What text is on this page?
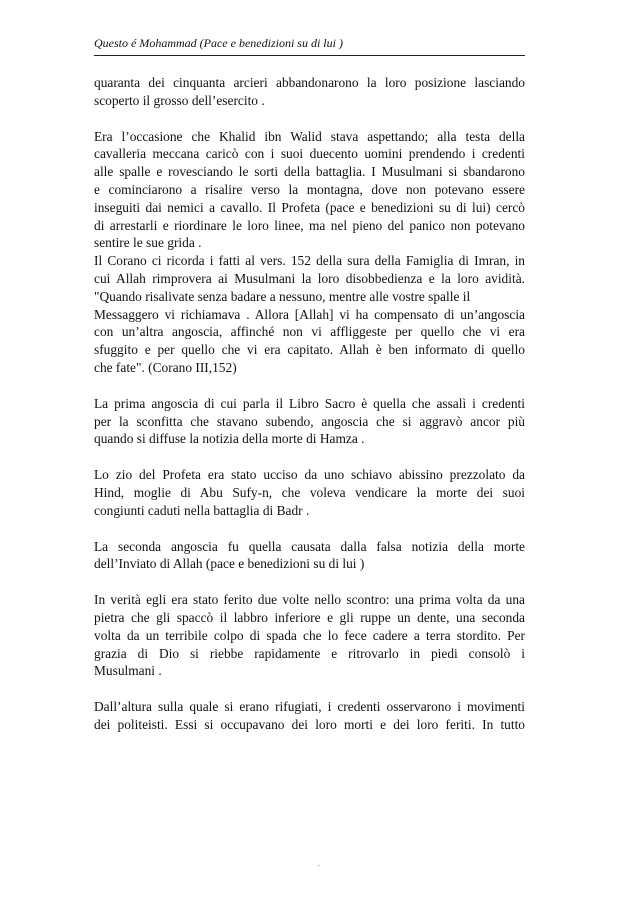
Questo é Mohammad (Pace e benedizioni su di lui )
quaranta dei cinquanta arcieri abbandonarono la loro posizione lasciando
scoperto il grosso dell’esercito .
Era l’occasione che Khalid ibn Walid stava aspettando; alla testa della
cavalleria meccana caricò con i suoi duecento uomini prendendo i credenti
alle spalle e rovesciando le sorti della battaglia. I Musulmani si sbandarono
e cominciarono a risalire verso la montagna, dove non potevano essere
inseguiti dai nemici a cavallo. Il Profeta (pace e benedizioni su di lui) cercò
di arrestarli e riordinare le loro linee, ma nel pieno del panico non potevano
sentire le sue grida .
Il Corano ci ricorda i fatti al vers. 152 della sura della Famiglia di Imran, in
cui Allah rimprovera ai Musulmani la loro disobbedienza e la loro avidità.
"Quando risalivate senza badare a nessuno, mentre alle vostre spalle il
Messaggero vi richiamava . Allora [Allah] vi ha compensato di un’angoscia
con un’altra angoscia, affinché non vi affliggeste per quello che vi era
sfuggito e per quello che vi era capitato. Allah è ben informato di quello
che fate". (Corano III,152)
La prima angoscia di cui parla il Libro Sacro è quella che assalì i credenti
per la sconfitta che stavano subendo, angoscia che si aggravò ancor più
quando si diffuse la notizia della morte di Hamza .
Lo zio del Profeta era stato ucciso da uno schiavo abissino prezzolato da
Hind, moglie di Abu Sufy-n, che voleva vendicare la morte dei suoi
congiunti caduti nella battaglia di Badr .
La seconda angoscia fu quella causata dalla falsa notizia della morte
dell’Inviato di Allah (pace e benedizioni su di lui )
In verità egli era stato ferito due volte nello scontro: una prima volta da una
pietra che gli spaccò il labbro inferiore e gli ruppe un dente, una seconda
volta da un terribile colpo di spada che lo fece cadere a terra stordito. Per
grazia di Dio si riebbe rapidamente e ritrovarlo in piedi consolò i
Musulmani .
Dall’altura sulla quale si erano rifugiati, i credenti osservarono i movimenti
dei politeisti. Essi si occupavano dei loro morti e dei loro feriti. In tutto
.
